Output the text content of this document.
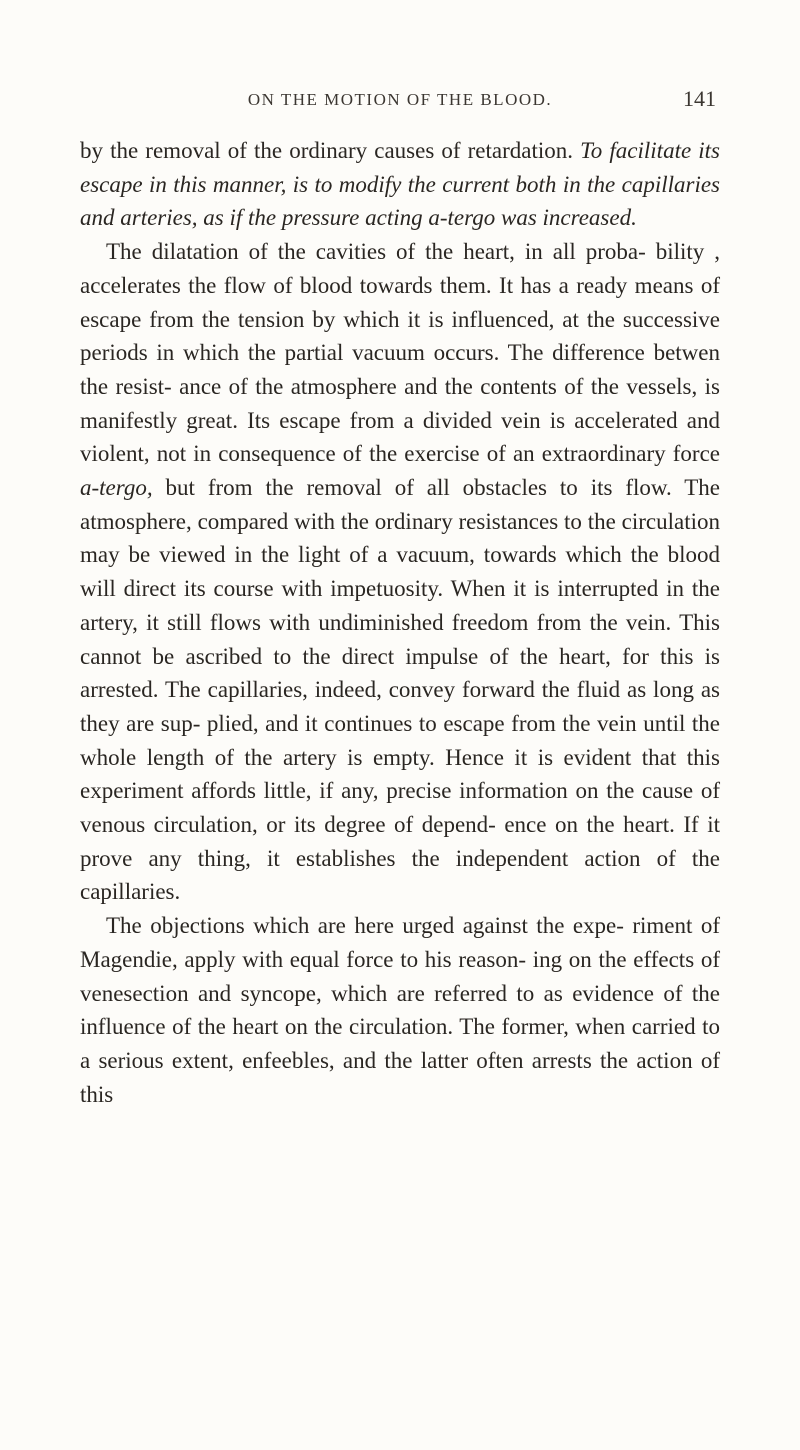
ON THE MOTION OF THE BLOOD.	141

by the removal of the ordinary causes of retardation. To facilitate its escape in this manner, is to modify the current both in the capillaries and arteries, as if the pressure acting a-tergo was increased.

The dilatation of the cavities of the heart, in all proba- bility , accelerates the flow of blood towards them. It has a ready means of escape from the tension by which it is influenced, at the successive periods in which the partial vacuum occurs. The difference betwen the resist- ance of the atmosphere and the contents of the vessels, is manifestly great. Its escape from a divided vein is accelerated and violent, not in consequence of the exercise of an extraordinary force a-tergo, but from the removal of all obstacles to its flow. The atmosphere, compared with the ordinary resistances to the circulation may be viewed in the light of a vacuum, towards which the blood will direct its course with impetuosity. When it is interrupted in the artery, it still flows with undiminished freedom from the vein. This cannot be ascribed to the direct impulse of the heart, for this is arrested. The capillaries, indeed, convey forward the fluid as long as they are sup- plied, and it continues to escape from the vein until the whole length of the artery is empty. Hence it is evident that this experiment affords little, if any, precise information on the cause of venous circulation, or its degree of depend- ence on the heart. If it prove any thing, it establishes the independent action of the capillaries.

The objections which are here urged against the expe- riment of Magendie, apply with equal force to his reason- ing on the effects of venesection and syncope, which are referred to as evidence of the influence of the heart on the circulation. The former, when carried to a serious extent, enfeebles, and the latter often arrests the action of this
